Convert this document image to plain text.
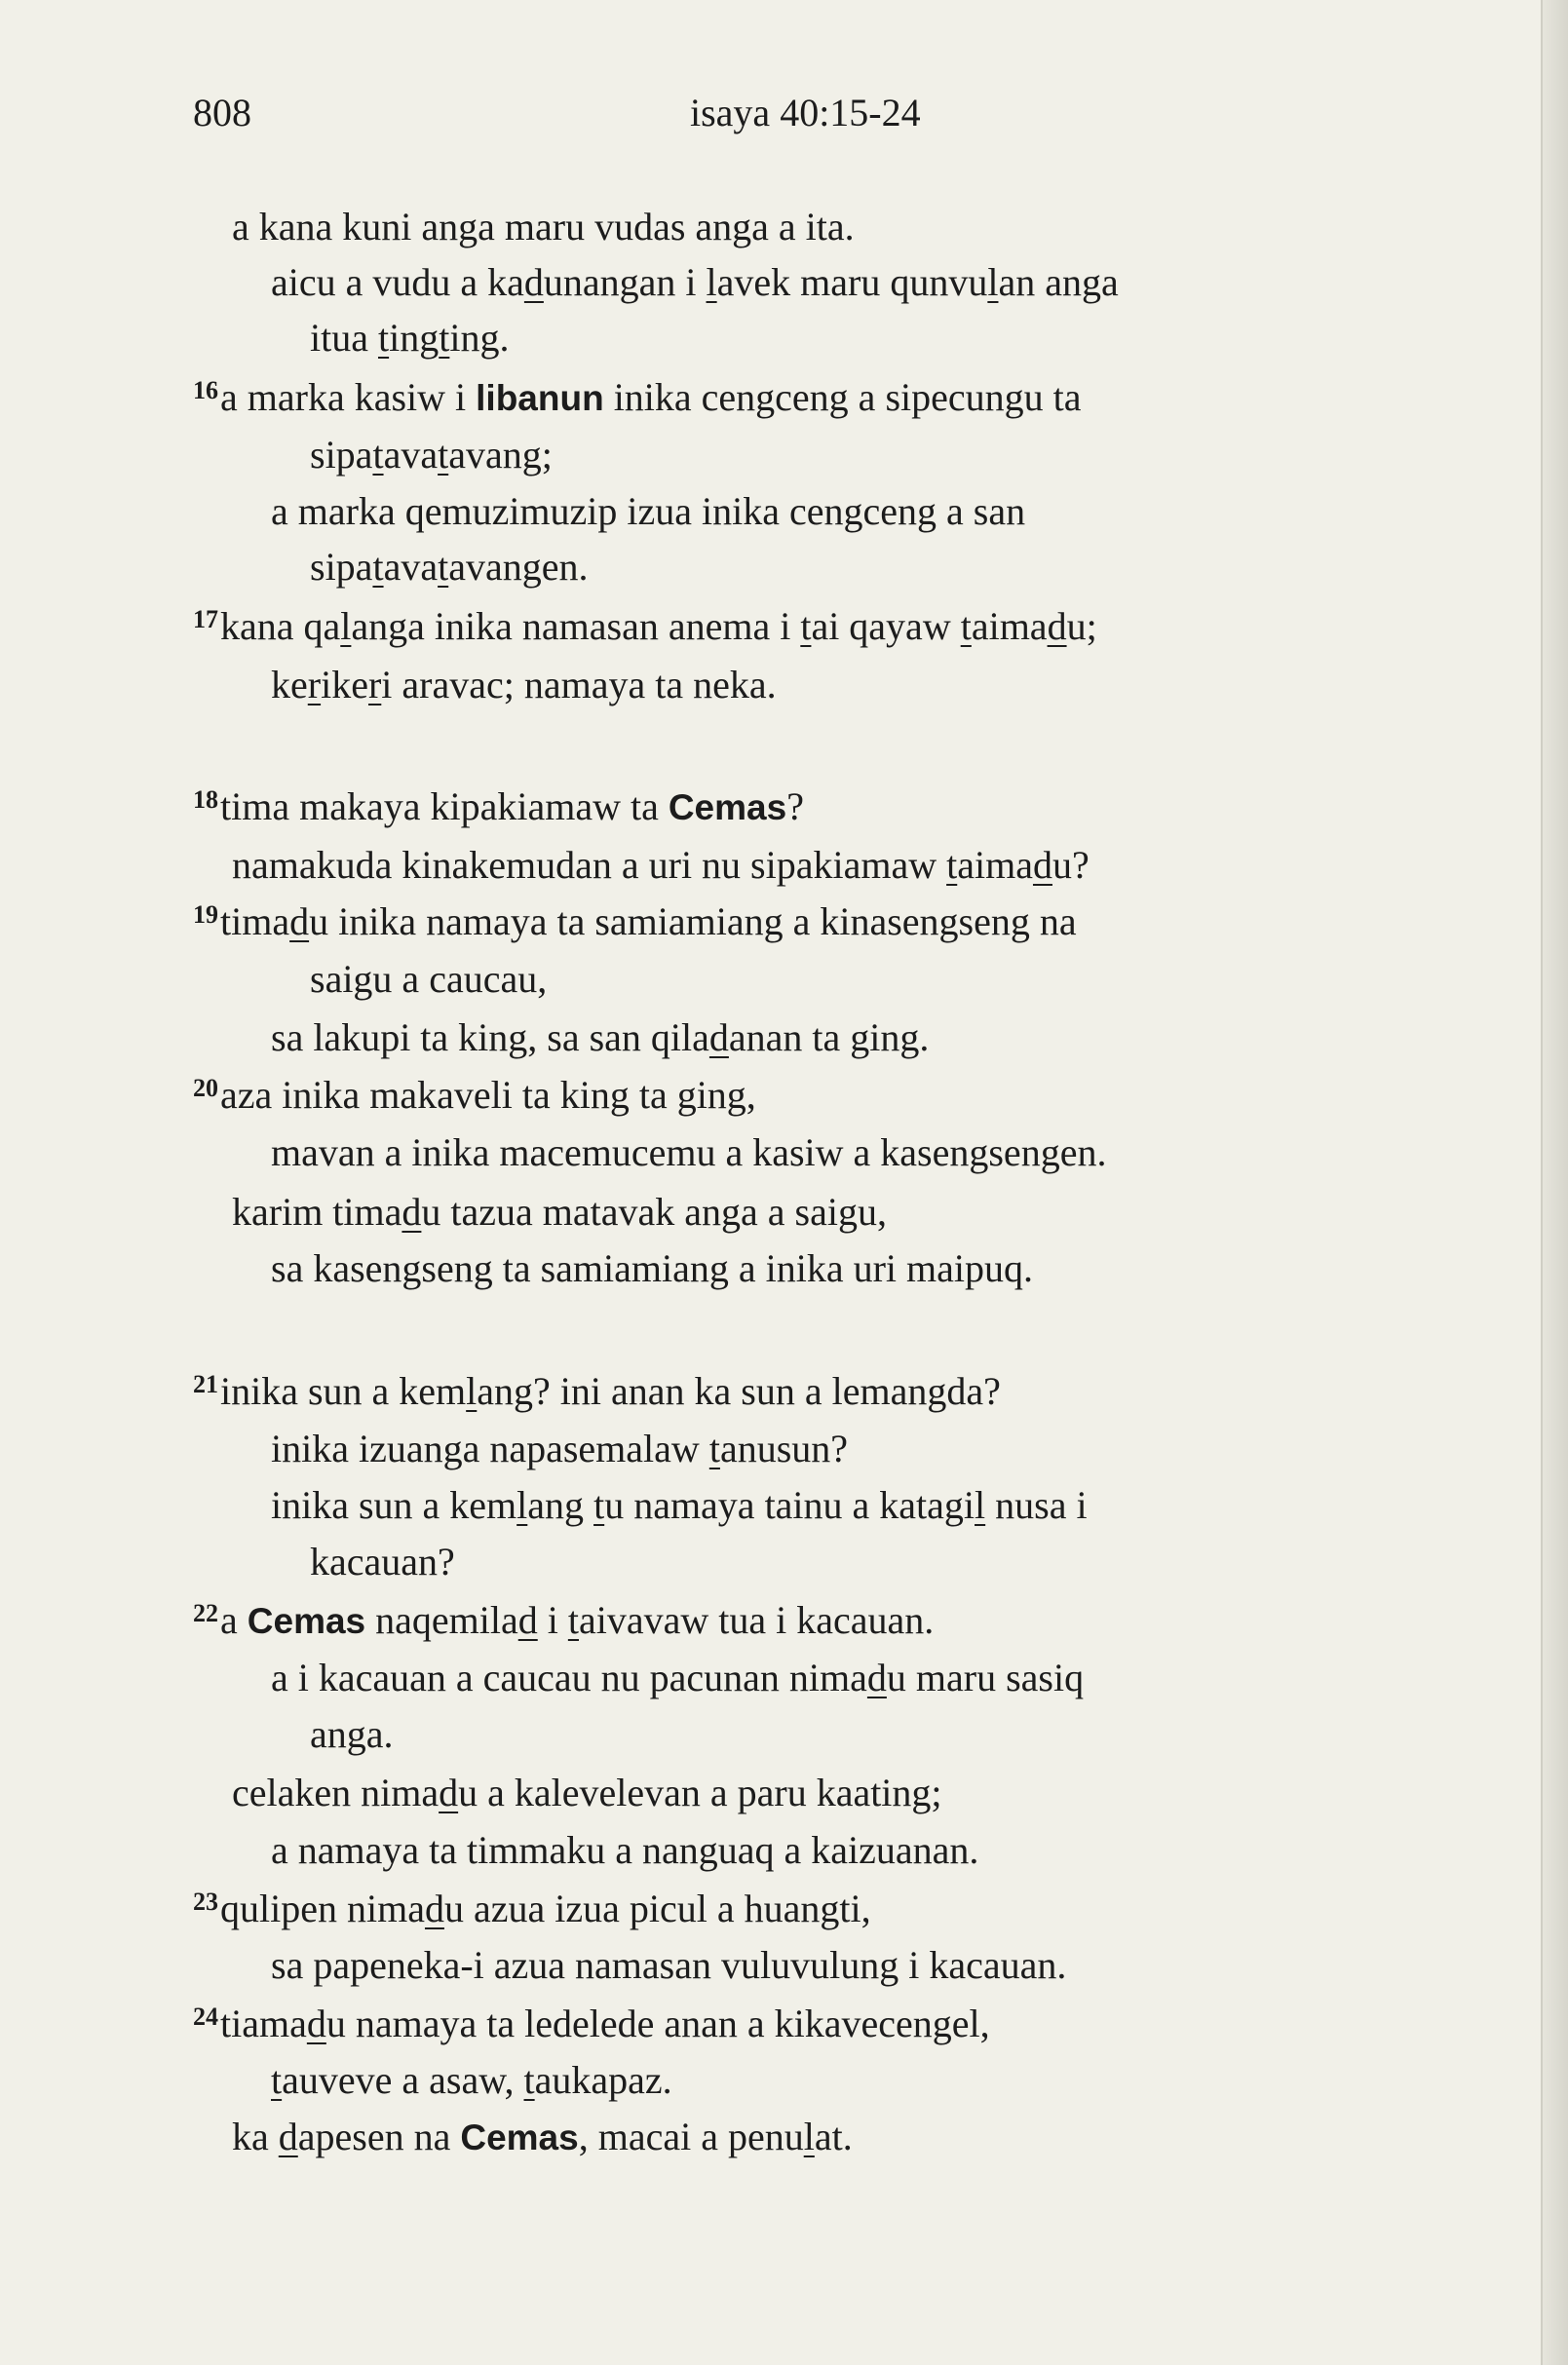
808	isaya 40:15-24
a kana kuni anga maru vudas anga a ita.
aicu a vudu a kadunangan i lavek maru qunvulan anga
itua tingting.
$^{16}$a marka kasiw i libanun inika cengceng a sipecungu ta
sipatavatavang;
a marka qemuzimuzip izua inika cengceng a san
sipatavatavangen.
$^{17}$kana qalanga inika namasan anema i tai qayaw taimadu;
kerikeri aravac; namaya ta neka.
$^{18}$tima makaya kipakiamaw ta Cemas?
namakuda kinakemudan a uri nu sipakiamaw taimadu?
$^{19}$timadu inika namaya ta samiamiang a kinasengseng na
saigu a caucau,
sa lakupi ta king, sa san qiladanan ta ging.
$^{20}$aza inika makaveli ta king ta ging,
mavan a inika macemucemu a kasiw a kasengsengen.
karim timadu tazua matavak anga a saigu,
sa kasengseng ta samiamiang a inika uri maipuq.
$^{21}$inika sun a kemlang? ini anan ka sun a lemangda?
inika izuanga napasemalaw tanusun?
inika sun a kemlang tu namaya tainu a katagil nusa i
kacauan?
$^{22}$a Cemas naqemilad i taivavaw tua i kacauan.
a i kacauan a caucau nu pacunan nimadu maru sasiq
anga.
celaken nimadu a kalevelevan a paru kaating;
a namaya ta timmaku a nanguaq a kaizuanan.
$^{23}$qulipen nimadu azua izua picul a huangti,
sa papeneka-i azua namasan vuluvulung i kacauan.
$^{24}$tiamadu namaya ta ledelede anan a kikavecengel,
tauveve a asaw, taukapaz.
ka dapesen na Cemas, macai a penulat.
